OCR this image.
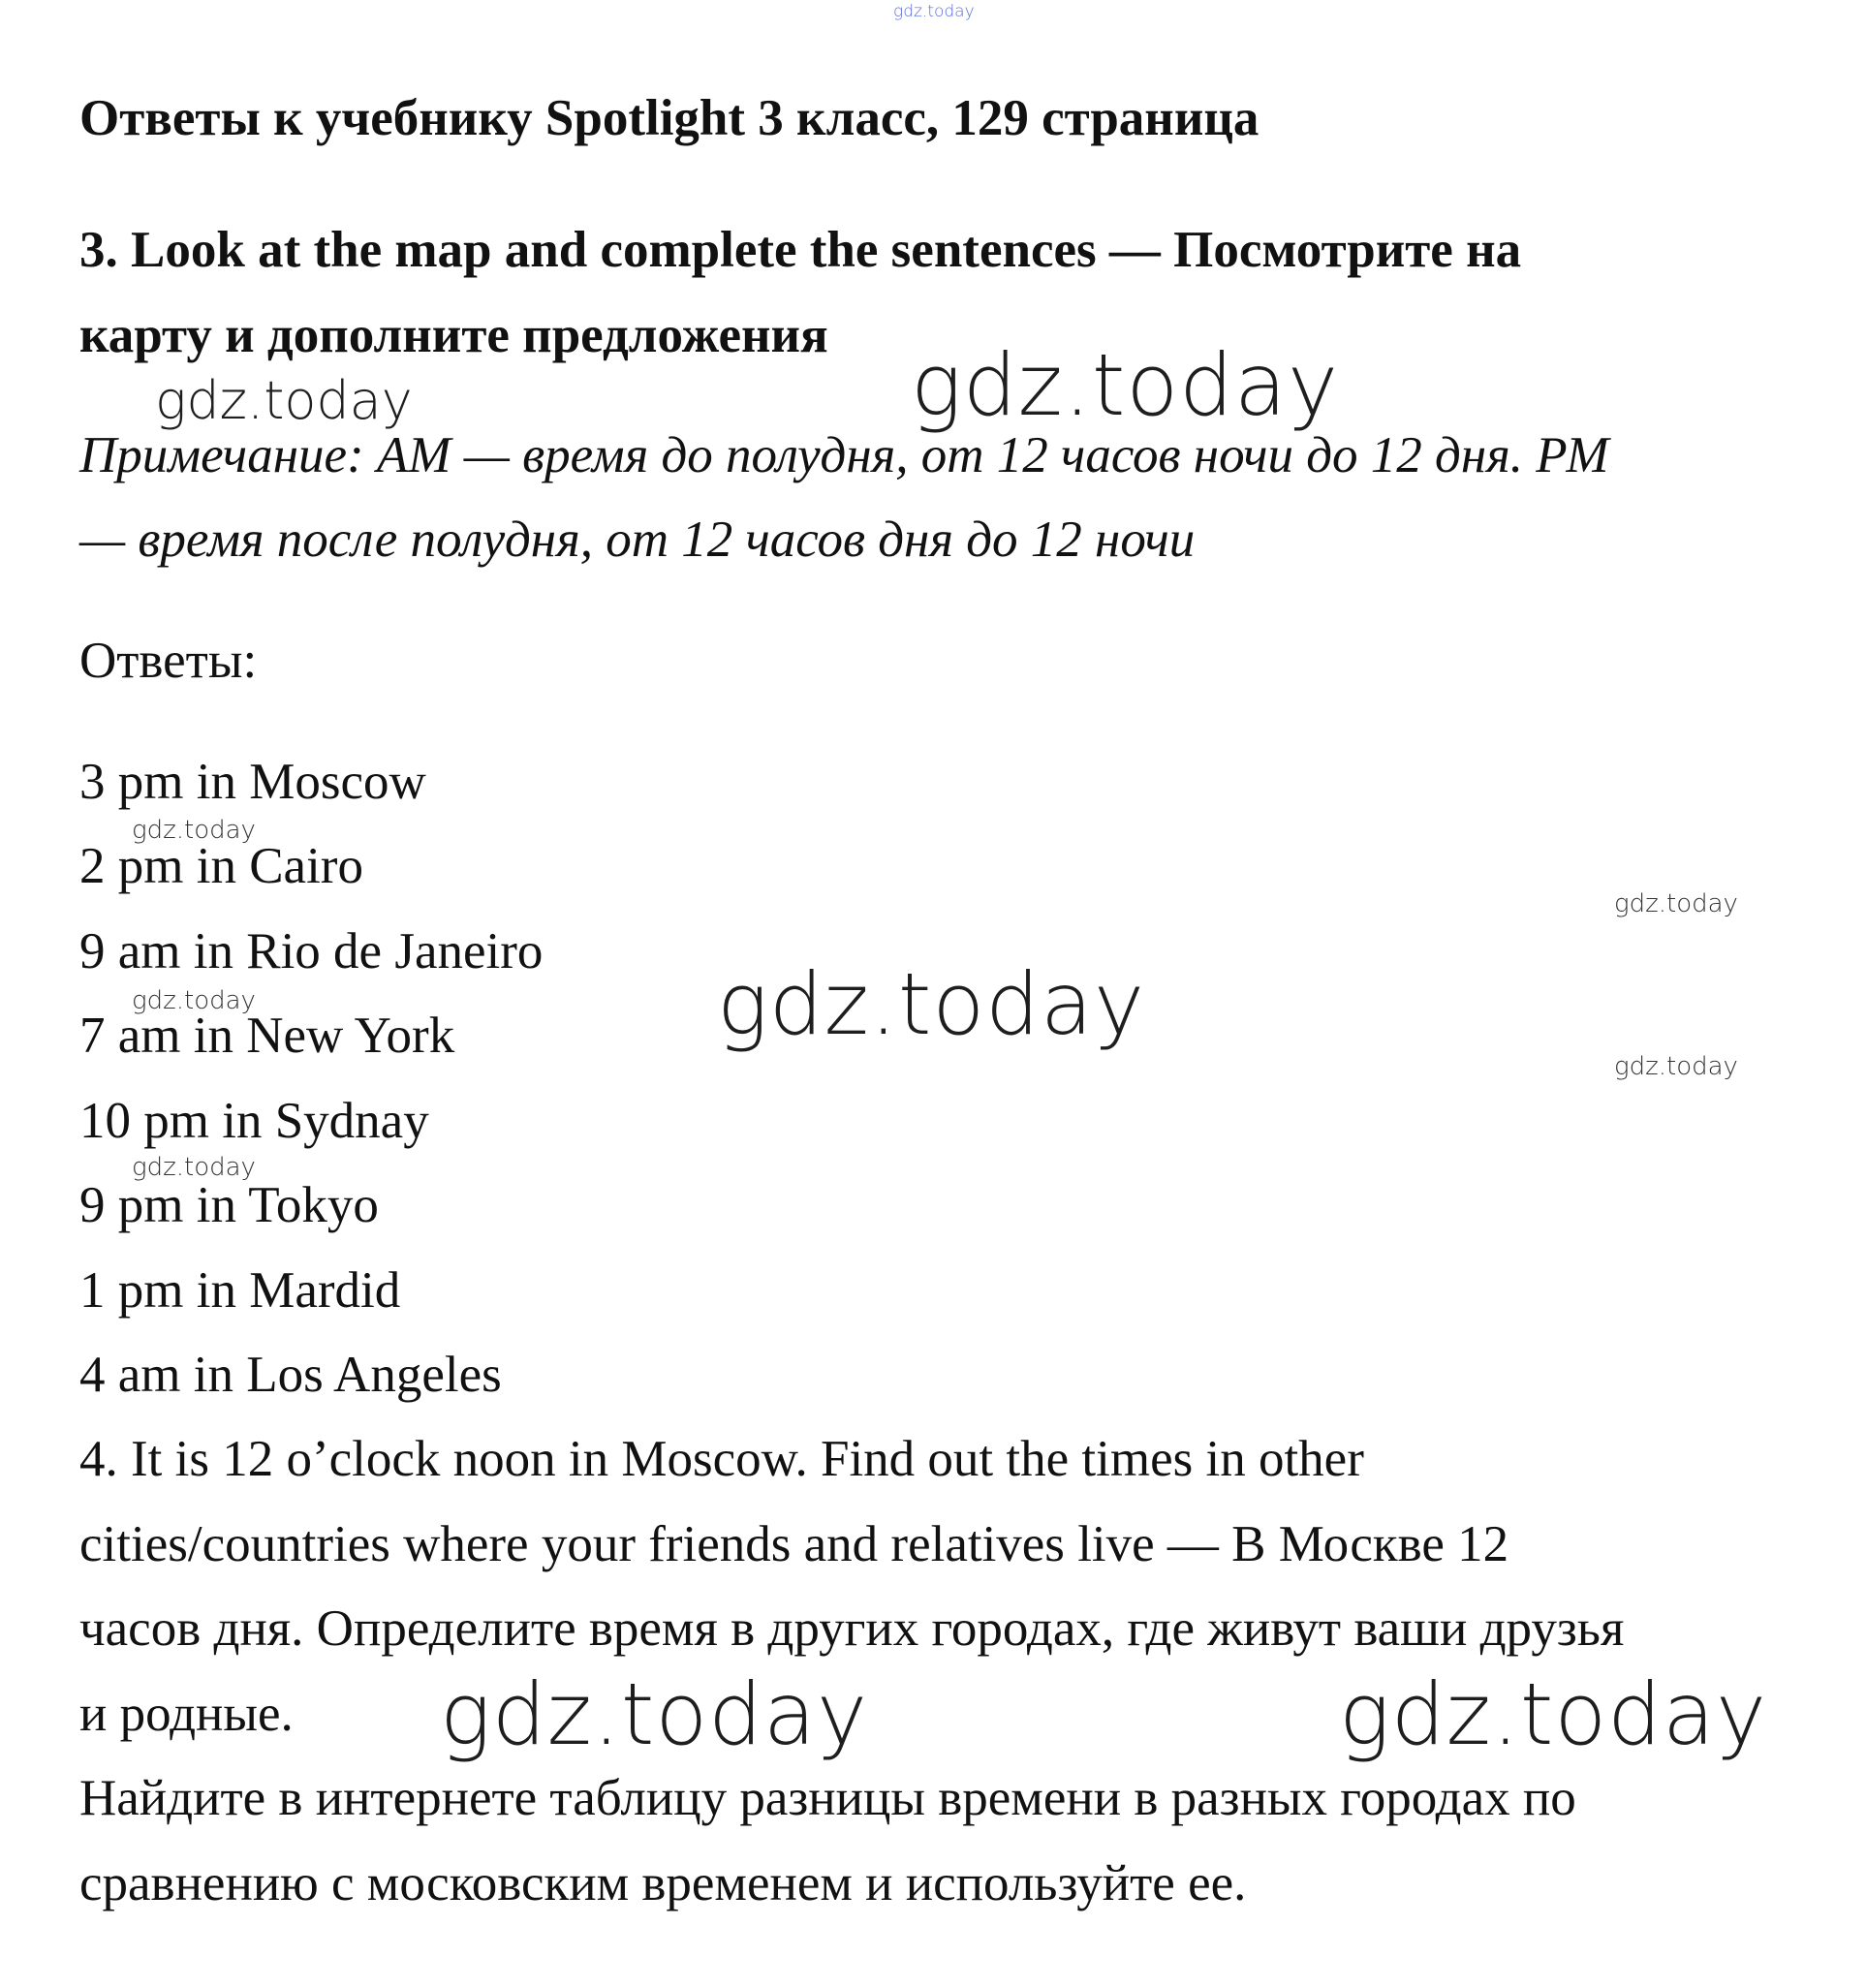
gdz.today
gdz.today	gdz.today
gdz.today
gdz.today
gdz.today	gdz.today
gdz.today
gdz.today
gdz.today	gdz.today
Ответы к учебнику Spotlight 3 класс, 129 страница
3. Look at the map and complete the sentences — Посмотрите на
карту и дополните предложения
Примечание: АМ — время до полудня, от 12 часов ночи до 12 дня. РМ
— время после полудня, от 12 часов дня до 12 ночи
Ответы:
3 pm in Moscow
2 pm in Cairo
9 am in Rio de Janeiro
7 am in New York
10 pm in Sydnay
9 pm in Tokyo
1 pm in Mardid
4 am in Los Angeles
4. It is 12 o’clock noon in Moscow. Find out the times in other
cities/countries where your friends and relatives live — В Москве 12
часов дня. Определите время в других городах, где живут ваши друзья
и родные.
Найдите в интернете таблицу разницы времени в разных городах по
сравнению с московским временем и используйте ее.
